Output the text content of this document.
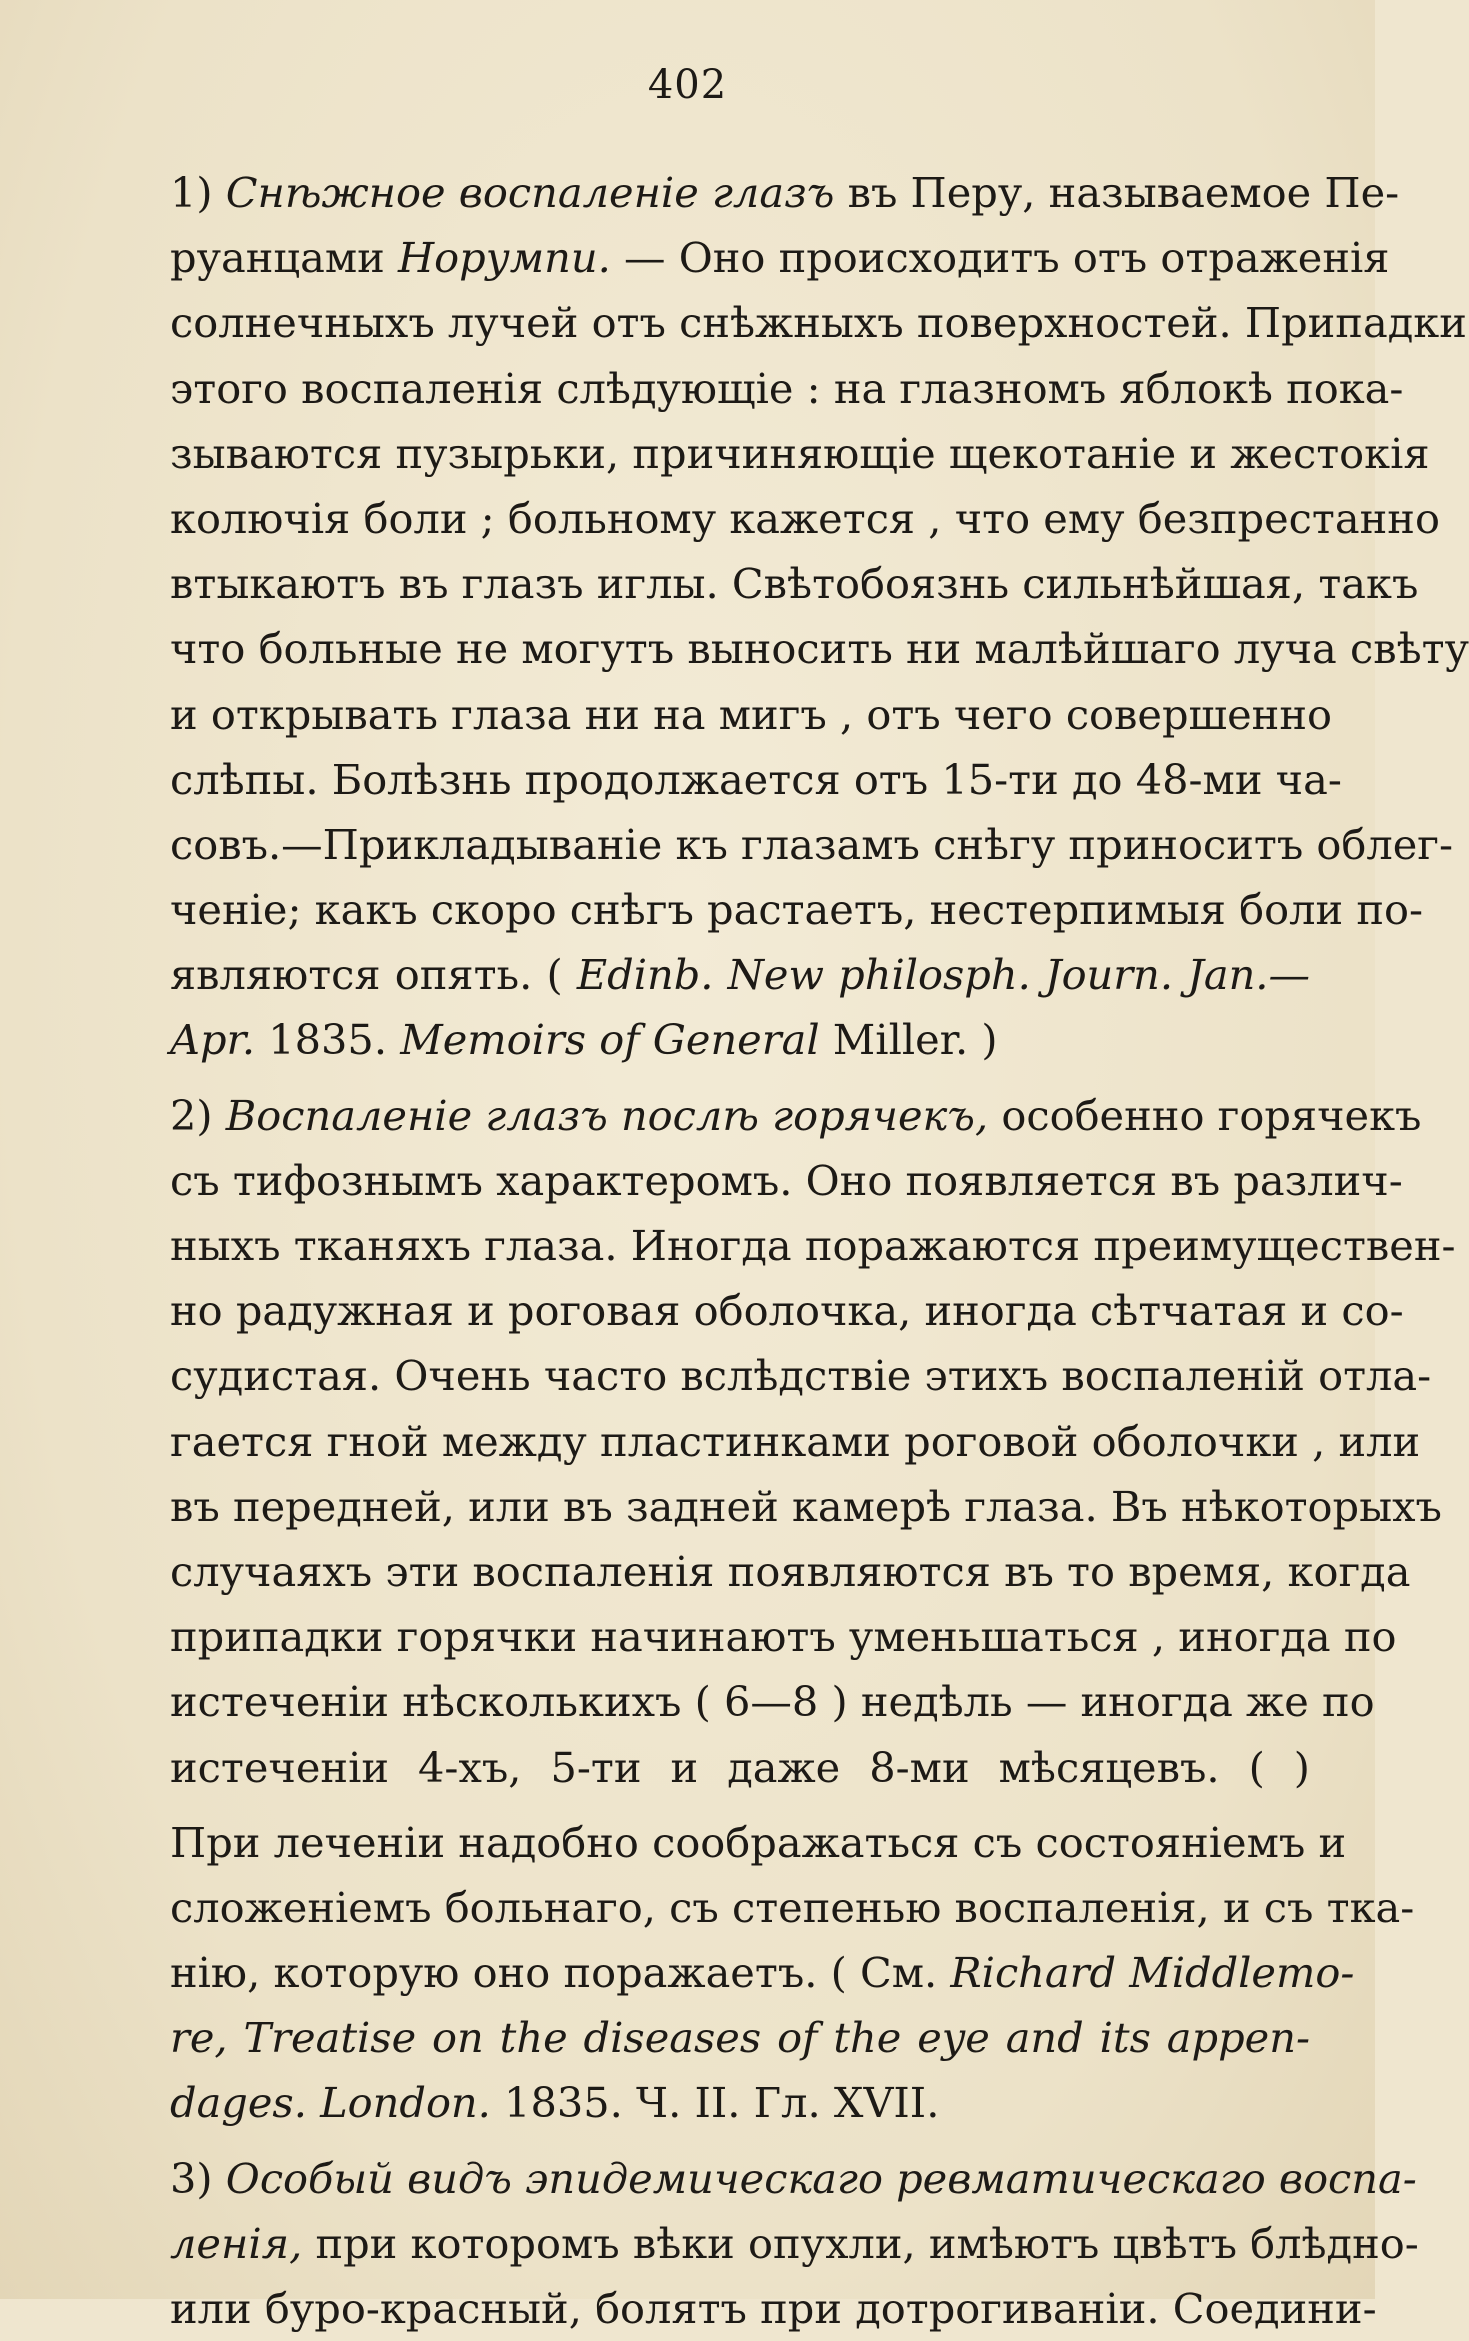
402
1) Снѣжное воспаленіе глазъ въ Перу, называемое Пе-
руанцами Норумпи. — Оно происходитъ отъ отраженія
солнечныхъ лучей отъ снѣжныхъ поверхностей. Припадки
этого воспаленія слѣдующіе : на глазномъ яблокѣ пока-
зываются пузырьки, причиняющіе щекотаніе и жестокія
колючія боли ; больному кажется , что ему безпрестанно
втыкаютъ въ глазъ иглы. Свѣтобоязнь сильнѣйшая, такъ
что больные не могутъ выносить ни малѣйшаго луча свѣту
и открывать глаза ни на мигъ , отъ чего совершенно
слѣпы. Болѣзнь продолжается отъ 15-ти до 48-ми ча-
совъ.—Прикладываніе къ глазамъ снѣгу приноситъ облег-
ченіе; какъ скоро снѣгъ растаетъ, нестерпимыя боли по-
являются опять. ( Edinb. New philosph. Journ. Jan.—
Apr. 1835. Memoirs of General Miller. )
2) Воспаленіе глазъ послѣ горячекъ, особенно горячекъ
съ тифознымъ характеромъ. Оно появляется въ различ-
ныхъ тканяхъ глаза. Иногда поражаются преимуществен-
но радужная и роговая оболочка, иногда сѣтчатая и со-
судистая. Очень часто вслѣдствіе этихъ воспаленій отла-
гается гной между пластинками роговой оболочки , или
въ передней, или въ задней камерѣ глаза. Въ нѣкоторыхъ
случаяхъ эти воспаленія появляются въ то время, когда
припадки горячки начинаютъ уменьшаться , иногда по
истеченіи нѣсколькихъ ( 6—8 ) недѣль — иногда же по
истеченіи 4-хъ, 5-ти и даже 8-ми мѣсяцевъ. ( )
При леченіи надобно соображаться съ состояніемъ и
сложеніемъ больнаго, съ степенью воспаленія, и съ тка-
нію, которую оно поражаетъ. ( См. Richard Middlemo-
re, Treatise on the diseases of the eye and its appen-
dages. London. 1835. Ч. II. Гл. XVII.
3) Особый видъ эпидемическаго ревматическаго воспа-
ленія, при которомъ вѣки опухли, имѣютъ цвѣтъ блѣдно-
или буро-красный, болятъ при дотрогиваніи. Соедини-
